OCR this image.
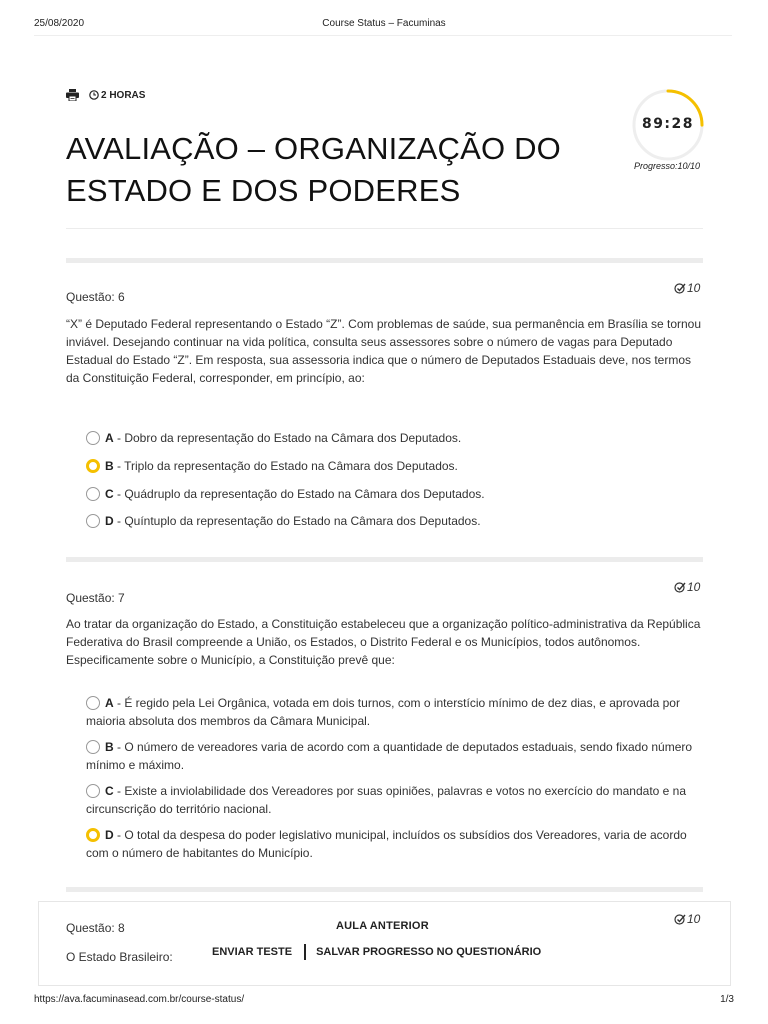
25/08/2020	Course Status – Facuminas
2 HORAS
AVALIAÇÃO – ORGANIZAÇÃO DO ESTADO E DOS PODERES
89:28
Progresso:10/10
Questão: 6
10
“X” é Deputado Federal representando o Estado “Z”. Com problemas de saúde, sua permanência em Brasília se tornou inviável. Desejando continuar na vida política, consulta seus assessores sobre o número de vagas para Deputado Estadual do Estado “Z”. Em resposta, sua assessoria indica que o número de Deputados Estaduais deve, nos termos da Constituição Federal, corresponder, em princípio, ao:
A - Dobro da representação do Estado na Câmara dos Deputados.
B - Triplo da representação do Estado na Câmara dos Deputados.
C - Quádruplo da representação do Estado na Câmara dos Deputados.
D - Quíntuplo da representação do Estado na Câmara dos Deputados.
Questão: 7
10
Ao tratar da organização do Estado, a Constituição estabeleceu que a organização político-administrativa da República Federativa do Brasil compreende a União, os Estados, o Distrito Federal e os Municípios, todos autônomos. Especificamente sobre o Município, a Constituição prevê que:
A - É regido pela Lei Orgânica, votada em dois turnos, com o interstício mínimo de dez dias, e aprovada por maioria absoluta dos membros da Câmara Municipal.
B - O número de vereadores varia de acordo com a quantidade de deputados estaduais, sendo fixado número mínimo e máximo.
C - Existe a inviolabilidade dos Vereadores por suas opiniões, palavras e votos no exercício do mandato e na circunscrição do território nacional.
D - O total da despesa do poder legislativo municipal, incluídos os subsídios dos Vereadores, varia de acordo com o número de habitantes do Município.
Questão: 8
10
O Estado Brasileiro:
AULA ANTERIOR
ENVIAR TESTE SALVAR PROGRESSO NO QUESTIONÁRIO
https://ava.facuminasead.com.br/course-status/	1/3
